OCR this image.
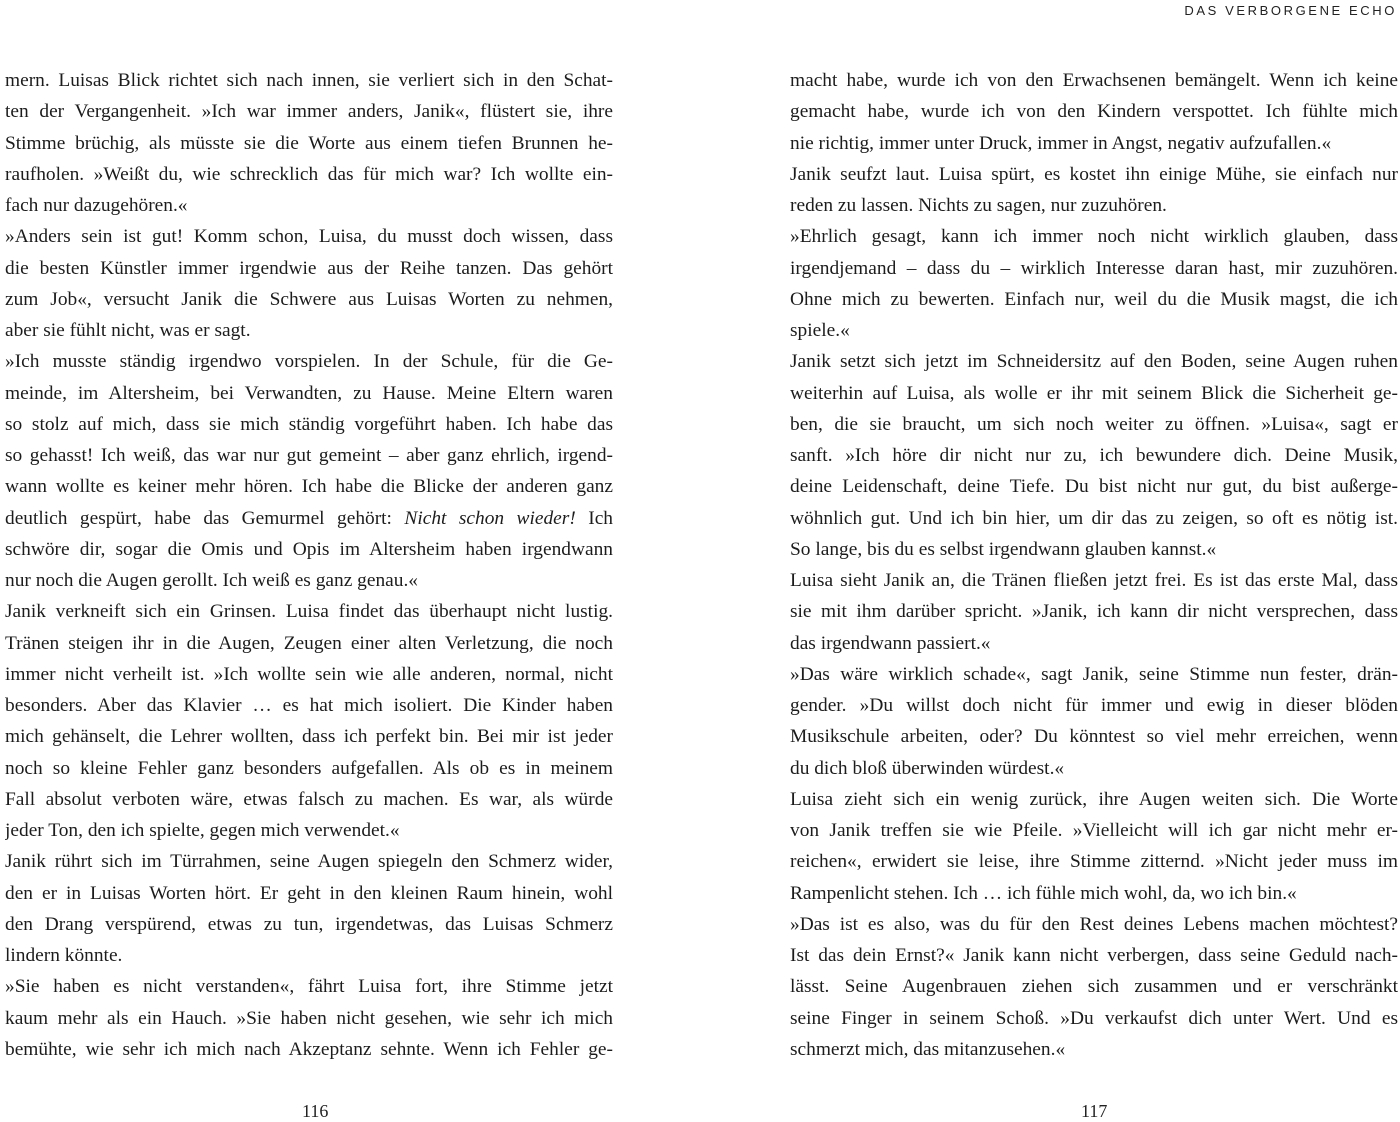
DAS VERBORGENE ECHO
mern. Luisas Blick richtet sich nach innen, sie verliert sich in den Schat-
ten der Vergangenheit. »Ich war immer anders, Janik«, flüstert sie, ihre
Stimme brüchig, als müsste sie die Worte aus einem tiefen Brunnen he-
raufholen. »Weißt du, wie schrecklich das für mich war? Ich wollte ein-
fach nur dazugehören.«
»Anders sein ist gut! Komm schon, Luisa, du musst doch wissen, dass
die besten Künstler immer irgendwie aus der Reihe tanzen. Das gehört
zum Job«, versucht Janik die Schwere aus Luisas Worten zu nehmen,
aber sie fühlt nicht, was er sagt.
»Ich musste ständig irgendwo vorspielen. In der Schule, für die Ge-
meinde, im Altersheim, bei Verwandten, zu Hause. Meine Eltern waren
so stolz auf mich, dass sie mich ständig vorgeführt haben. Ich habe das
so gehasst! Ich weiß, das war nur gut gemeint – aber ganz ehrlich, irgend-
wann wollte es keiner mehr hören. Ich habe die Blicke der anderen ganz
deutlich gespürt, habe das Gemurmel gehört: Nicht schon wieder! Ich
schwöre dir, sogar die Omis und Opis im Altersheim haben irgendwann
nur noch die Augen gerollt. Ich weiß es ganz genau.«
Janik verkneift sich ein Grinsen. Luisa findet das überhaupt nicht lustig.
Tränen steigen ihr in die Augen, Zeugen einer alten Verletzung, die noch
immer nicht verheilt ist. »Ich wollte sein wie alle anderen, normal, nicht
besonders. Aber das Klavier … es hat mich isoliert. Die Kinder haben
mich gehänselt, die Lehrer wollten, dass ich perfekt bin. Bei mir ist jeder
noch so kleine Fehler ganz besonders aufgefallen. Als ob es in meinem
Fall absolut verboten wäre, etwas falsch zu machen. Es war, als würde
jeder Ton, den ich spielte, gegen mich verwendet.«
Janik rührt sich im Türrahmen, seine Augen spiegeln den Schmerz wider,
den er in Luisas Worten hört. Er geht in den kleinen Raum hinein, wohl
den Drang verspürend, etwas zu tun, irgendetwas, das Luisas Schmerz
lindern könnte.
»Sie haben es nicht verstanden«, fährt Luisa fort, ihre Stimme jetzt
kaum mehr als ein Hauch. »Sie haben nicht gesehen, wie sehr ich mich
bemühte, wie sehr ich mich nach Akzeptanz sehnte. Wenn ich Fehler ge-
macht habe, wurde ich von den Erwachsenen bemängelt. Wenn ich keine
gemacht habe, wurde ich von den Kindern verspottet. Ich fühlte mich
nie richtig, immer unter Druck, immer in Angst, negativ aufzufallen.«
Janik seufzt laut. Luisa spürt, es kostet ihn einige Mühe, sie einfach nur
reden zu lassen. Nichts zu sagen, nur zuzuhören.
»Ehrlich gesagt, kann ich immer noch nicht wirklich glauben, dass
irgendjemand – dass du – wirklich Interesse daran hast, mir zuzuhören.
Ohne mich zu bewerten. Einfach nur, weil du die Musik magst, die ich
spiele.«
Janik setzt sich jetzt im Schneidersitz auf den Boden, seine Augen ruhen
weiterhin auf Luisa, als wolle er ihr mit seinem Blick die Sicherheit ge-
ben, die sie braucht, um sich noch weiter zu öffnen. »Luisa«, sagt er
sanft. »Ich höre dir nicht nur zu, ich bewundere dich. Deine Musik,
deine Leidenschaft, deine Tiefe. Du bist nicht nur gut, du bist außerge-
wöhnlich gut. Und ich bin hier, um dir das zu zeigen, so oft es nötig ist.
So lange, bis du es selbst irgendwann glauben kannst.«
Luisa sieht Janik an, die Tränen fließen jetzt frei. Es ist das erste Mal, dass
sie mit ihm darüber spricht. »Janik, ich kann dir nicht versprechen, dass
das irgendwann passiert.«
»Das wäre wirklich schade«, sagt Janik, seine Stimme nun fester, drän-
gender. »Du willst doch nicht für immer und ewig in dieser blöden
Musikschule arbeiten, oder? Du könntest so viel mehr erreichen, wenn
du dich bloß überwinden würdest.«
Luisa zieht sich ein wenig zurück, ihre Augen weiten sich. Die Worte
von Janik treffen sie wie Pfeile. »Vielleicht will ich gar nicht mehr er-
reichen«, erwidert sie leise, ihre Stimme zitternd. »Nicht jeder muss im
Rampenlicht stehen. Ich … ich fühle mich wohl, da, wo ich bin.«
»Das ist es also, was du für den Rest deines Lebens machen möchtest?
Ist das dein Ernst?« Janik kann nicht verbergen, dass seine Geduld nach-
lässt. Seine Augenbrauen ziehen sich zusammen und er verschränkt
seine Finger in seinem Schoß. »Du verkaufst dich unter Wert. Und es
schmerzt mich, das mitanzusehen.«
116	117
